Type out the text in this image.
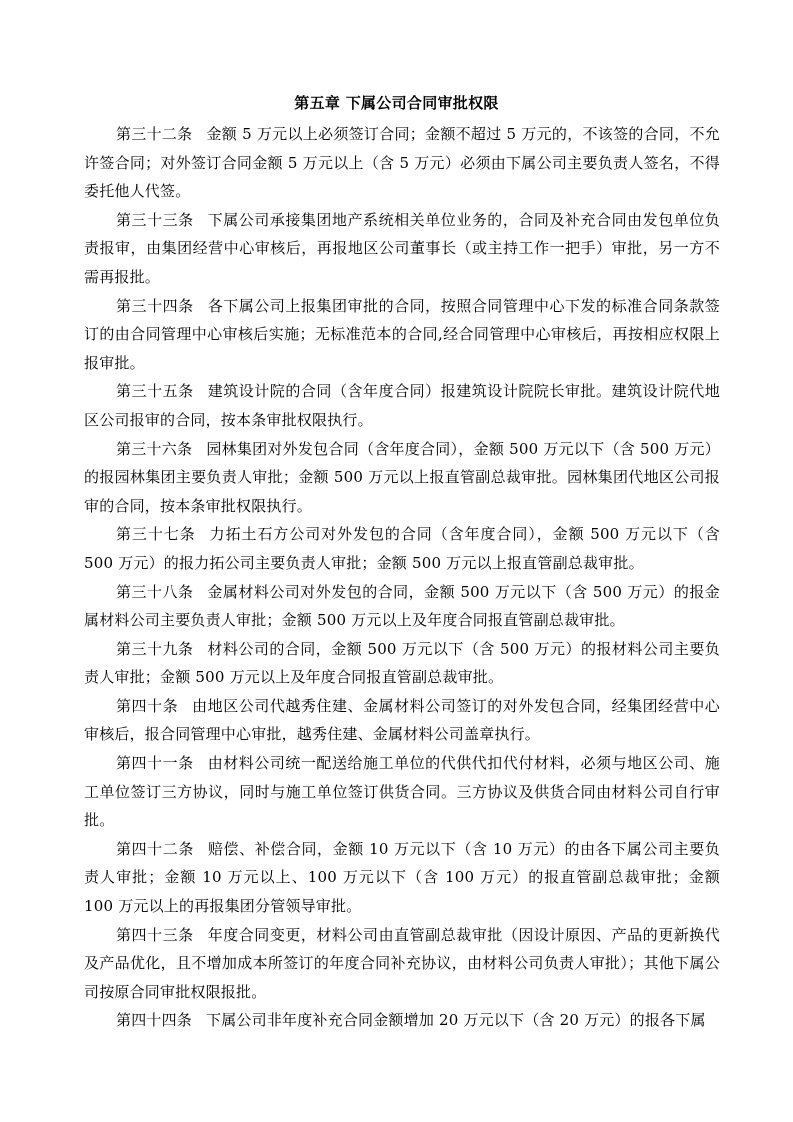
第五章 下属公司合同审批权限

第三十二条 金额 5 万元以上必须签订合同；金额不超过 5 万元的，不该签的合同，不允许签合同；对外签订合同金额 5 万元以上（含 5 万元）必须由下属公司主要负责人签名，不得委托他人代签。

第三十三条 下属公司承接集团地产系统相关单位业务的，合同及补充合同由发包单位负责报审，由集团经营中心审核后，再报地区公司董事长（或主持工作一把手）审批，另一方不需再报批。

第三十四条 各下属公司上报集团审批的合同，按照合同管理中心下发的标准合同条款签订的由合同管理中心审核后实施；无标准范本的合同,经合同管理中心审核后，再按相应权限上报审批。

第三十五条 建筑设计院的合同（含年度合同）报建筑设计院院长审批。建筑设计院代地区公司报审的合同，按本条审批权限执行。

第三十六条 园林集团对外发包合同（含年度合同），金额 500 万元以下（含 500 万元）的报园林集团主要负责人审批；金额 500 万元以上报直管副总裁审批。园林集团代地区公司报审的合同，按本条审批权限执行。

第三十七条 力拓土石方公司对外发包的合同（含年度合同），金额 500 万元以下（含 500 万元）的报力拓公司主要负责人审批；金额 500 万元以上报直管副总裁审批。

第三十八条 金属材料公司对外发包的合同，金额 500 万元以下（含 500 万元）的报金属材料公司主要负责人审批；金额 500 万元以上及年度合同报直管副总裁审批。

第三十九条 材料公司的合同，金额 500 万元以下（含 500 万元）的报材料公司主要负责人审批；金额 500 万元以上及年度合同报直管副总裁审批。

第四十条 由地区公司代越秀住建、金属材料公司签订的对外发包合同，经集团经营中心审核后，报合同管理中心审批，越秀住建、金属材料公司盖章执行。

第四十一条 由材料公司统一配送给施工单位的代供代扣代付材料，必须与地区公司、施工单位签订三方协议，同时与施工单位签订供货合同。三方协议及供货合同由材料公司自行审批。

第四十二条 赔偿、补偿合同，金额 10 万元以下（含 10 万元）的由各下属公司主要负责人审批；金额 10 万元以上、100 万元以下（含 100 万元）的报直管副总裁审批；金额 100 万元以上的再报集团分管领导审批。

第四十三条 年度合同变更，材料公司由直管副总裁审批（因设计原因、产品的更新换代及产品优化，且不增加成本所签订的年度合同补充协议，由材料公司负责人审批）；其他下属公司按原合同审批权限报批。

第四十四条 下属公司非年度补充合同金额增加 20 万元以下（含 20 万元）的报各下属
